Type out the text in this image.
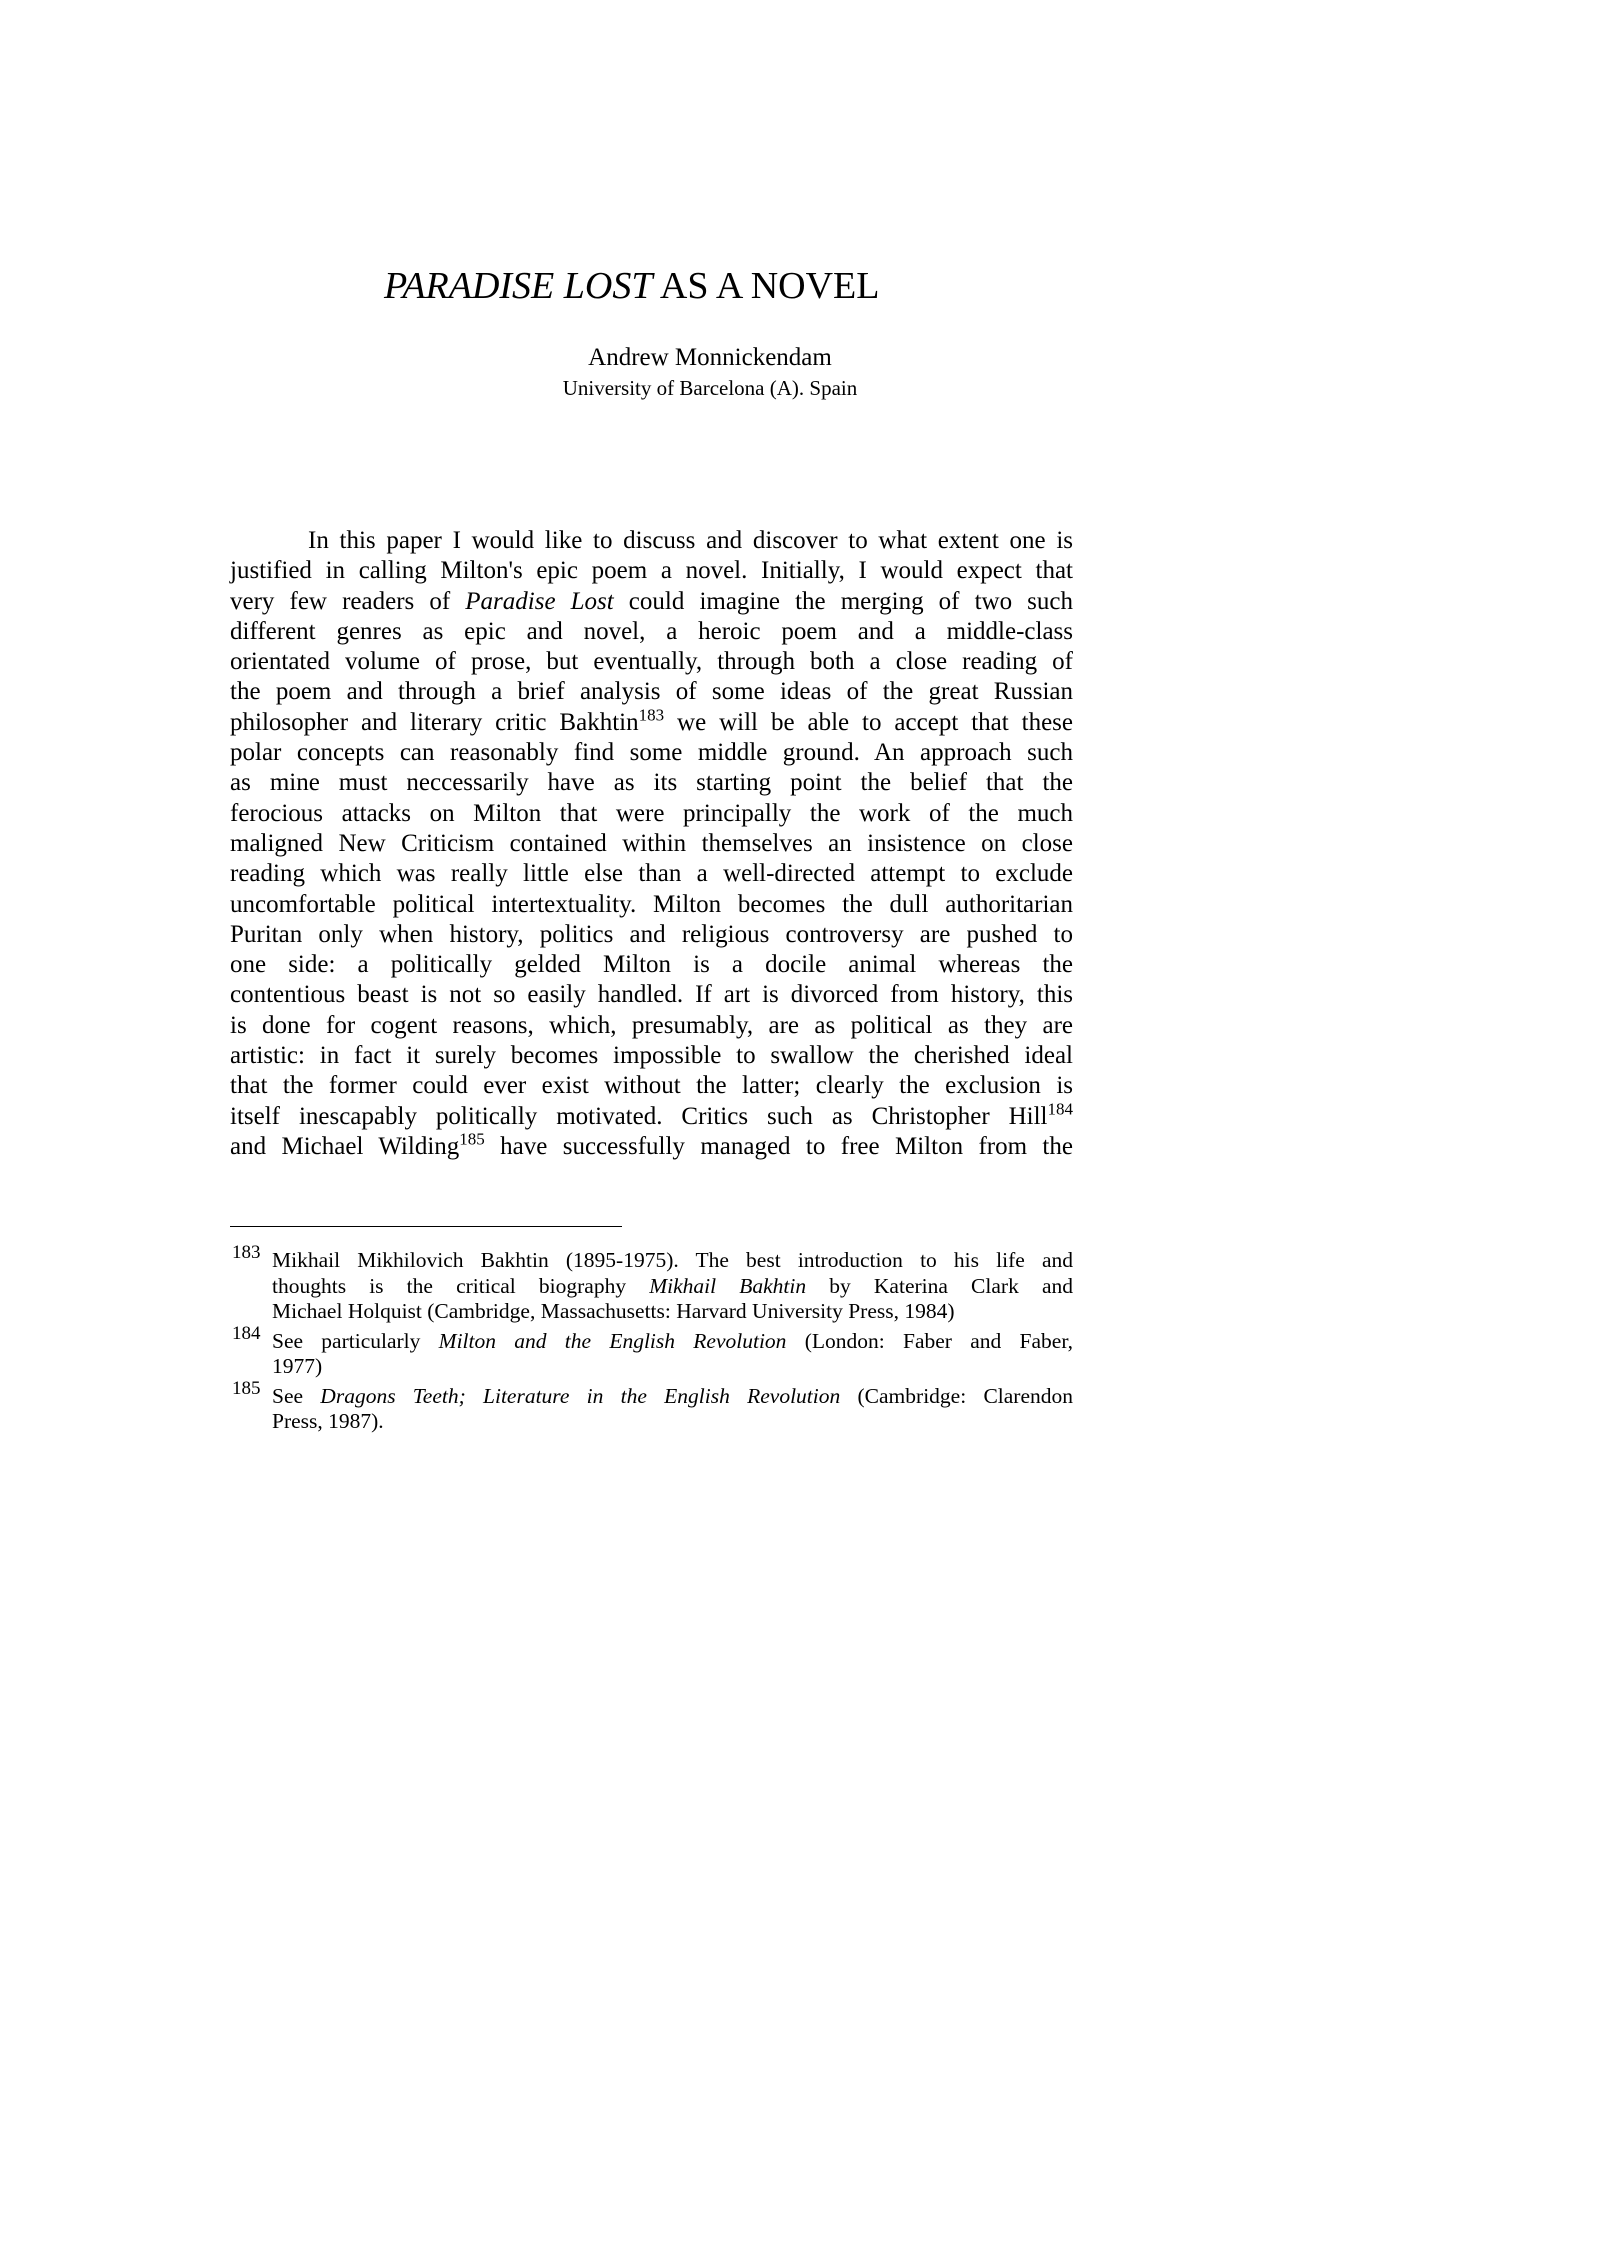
PARADISE LOST AS A NOVEL
Andrew Monnickendam
University of Barcelona (A). Spain
In this paper I would like to discuss and discover to what extent one is
justified in calling Milton's epic poem a novel. Initially, I would expect that
very few readers of Paradise Lost could imagine the merging of two such
different genres as epic and novel, a heroic poem and a middle-class
orientated volume of prose, but eventually, through both a close reading of
the poem and through a brief analysis of some ideas of the great Russian
philosopher and literary critic Bakhtin$^{183}$ we will be able to accept that these
polar concepts can reasonably find some middle ground. An approach such
as mine must neccessarily have as its starting point the belief that the
ferocious attacks on Milton that were principally the work of the much
maligned New Criticism contained within themselves an insistence on close
reading which was really little else than a well-directed attempt to exclude
uncomfortable political intertextuality. Milton becomes the dull authoritarian
Puritan only when history, politics and religious controversy are pushed to
one side: a politically gelded Milton is a docile animal whereas the
contentious beast is not so easily handled. If art is divorced from history, this
is done for cogent reasons, which, presumably, are as political as they are
artistic: in fact it surely becomes impossible to swallow the cherished ideal
that the former could ever exist without the latter; clearly the exclusion is
itself inescapably politically motivated. Critics such as Christopher Hill$^{184}$
and Michael Wilding$^{185}$ have successfully managed to free Milton from the
183 Mikhail Mikhilovich Bakhtin (1895-1975). The best introduction to his life and
thoughts is the critical biography Mikhail Bakhtin by Katerina Clark and
Michael Holquist (Cambridge, Massachusetts: Harvard University Press, 1984)
184 See particularly Milton and the English Revolution (London: Faber and Faber,
1977)
185 See Dragons Teeth; Literature in the English Revolution (Cambridge: Clarendon
Press, 1987).
